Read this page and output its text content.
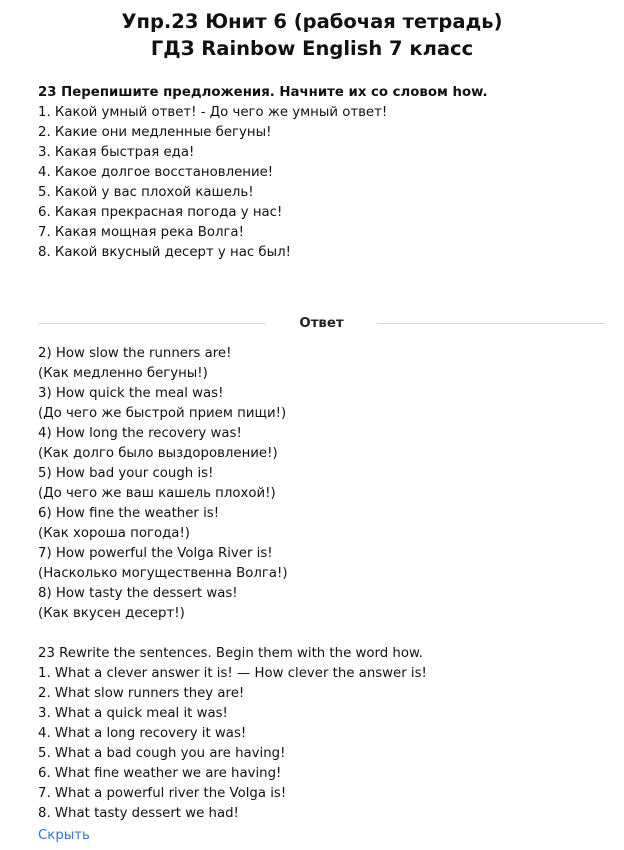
Упр.23 Юнит 6 (рабочая тетрадь)
ГДЗ Rainbow English 7 класс
23 Перепишите предложения. Начните их со словом how.
1. Какой умный ответ! - До чего же умный ответ!
2. Какие они медленные бегуны!
3. Какая быстрая еда!
4. Какое долгое восстановление!
5. Какой у вас плохой кашель!
6. Какая прекрасная погода у нас!
7. Какая мощная река Волга!
8. Какой вкусный десерт у нас был!
Ответ
2) How slow the runners are!
(Как медленно бегуны!)
3) How quick the meal was!
(До чего же быстрой прием пищи!)
4) How long the recovery was!
(Как долго было выздоровление!)
5) How bad your cough is!
(До чего же ваш кашель плохой!)
6) How fine the weather is!
(Как хороша погода!)
7) How powerful the Volga River is!
(Насколько могущественна Волга!)
8) How tasty the dessert was!
(Как вкусен десерт!)
23 Rewrite the sentences. Begin them with the word how.
1. What a clever answer it is! — How clever the answer is!
2. What slow runners they are!
3. What a quick meal it was!
4. What a long recovery it was!
5. What a bad cough you are having!
6. What fine weather we are having!
7. What a powerful river the Volga is!
8. What tasty dessert we had!
Скрыть
